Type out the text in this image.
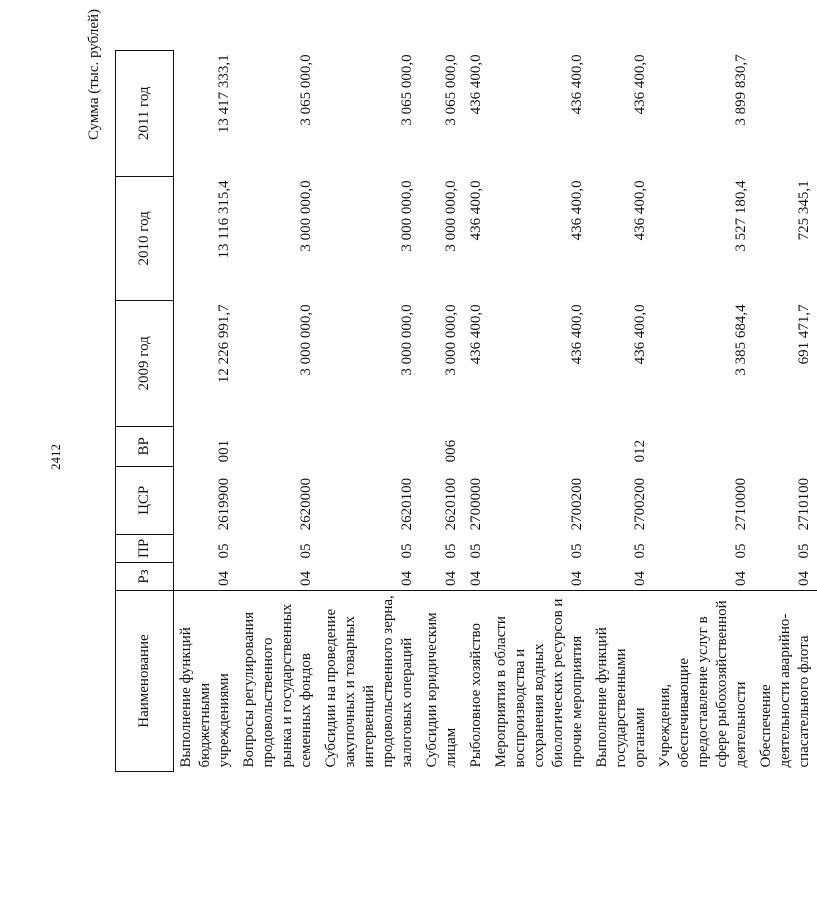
2412
Сумма (тыс. рублей)
Наименование	Рз	ПР	ЦСР	ВР	2009 год	2010 год	2011 год
Выполнение функций бюджетными учреждениями	04	05	2619900	001	12 226 991,7	13 116 315,4	13 417 333,1
Вопросы регулирования продовольственного рынка и государственных семенных фондов	04	05	2620000		3 000 000,0	3 000 000,0	3 065 000,0
Субсидии на проведение закупочных и товарных интервенций продовольственного зерна, залоговых операций	04	05	2620100		3 000 000,0	3 000 000,0	3 065 000,0
Субсидии юридическим лицам	04	05	2620100	006	3 000 000,0	3 000 000,0	3 065 000,0
Рыболовное хозяйство	04	05	2700000		436 400,0	436 400,0	436 400,0
Мероприятия в области воспроизводства и сохранения водных биологических ресурсов и прочие мероприятия	04	05	2700200		436 400,0	436 400,0	436 400,0
Выполнение функций государственными органами	04	05	2700200	012	436 400,0	436 400,0	436 400,0
Учреждения, обеспечивающие предоставление услуг в сфере рыбохозяйственной деятельности	04	05	2710000		3 385 684,4	3 527 180,4	3 899 830,7
Обеспечение деятельности аварийно-спасательного флота	04	05	2710100		691 471,7	725 345,1	
